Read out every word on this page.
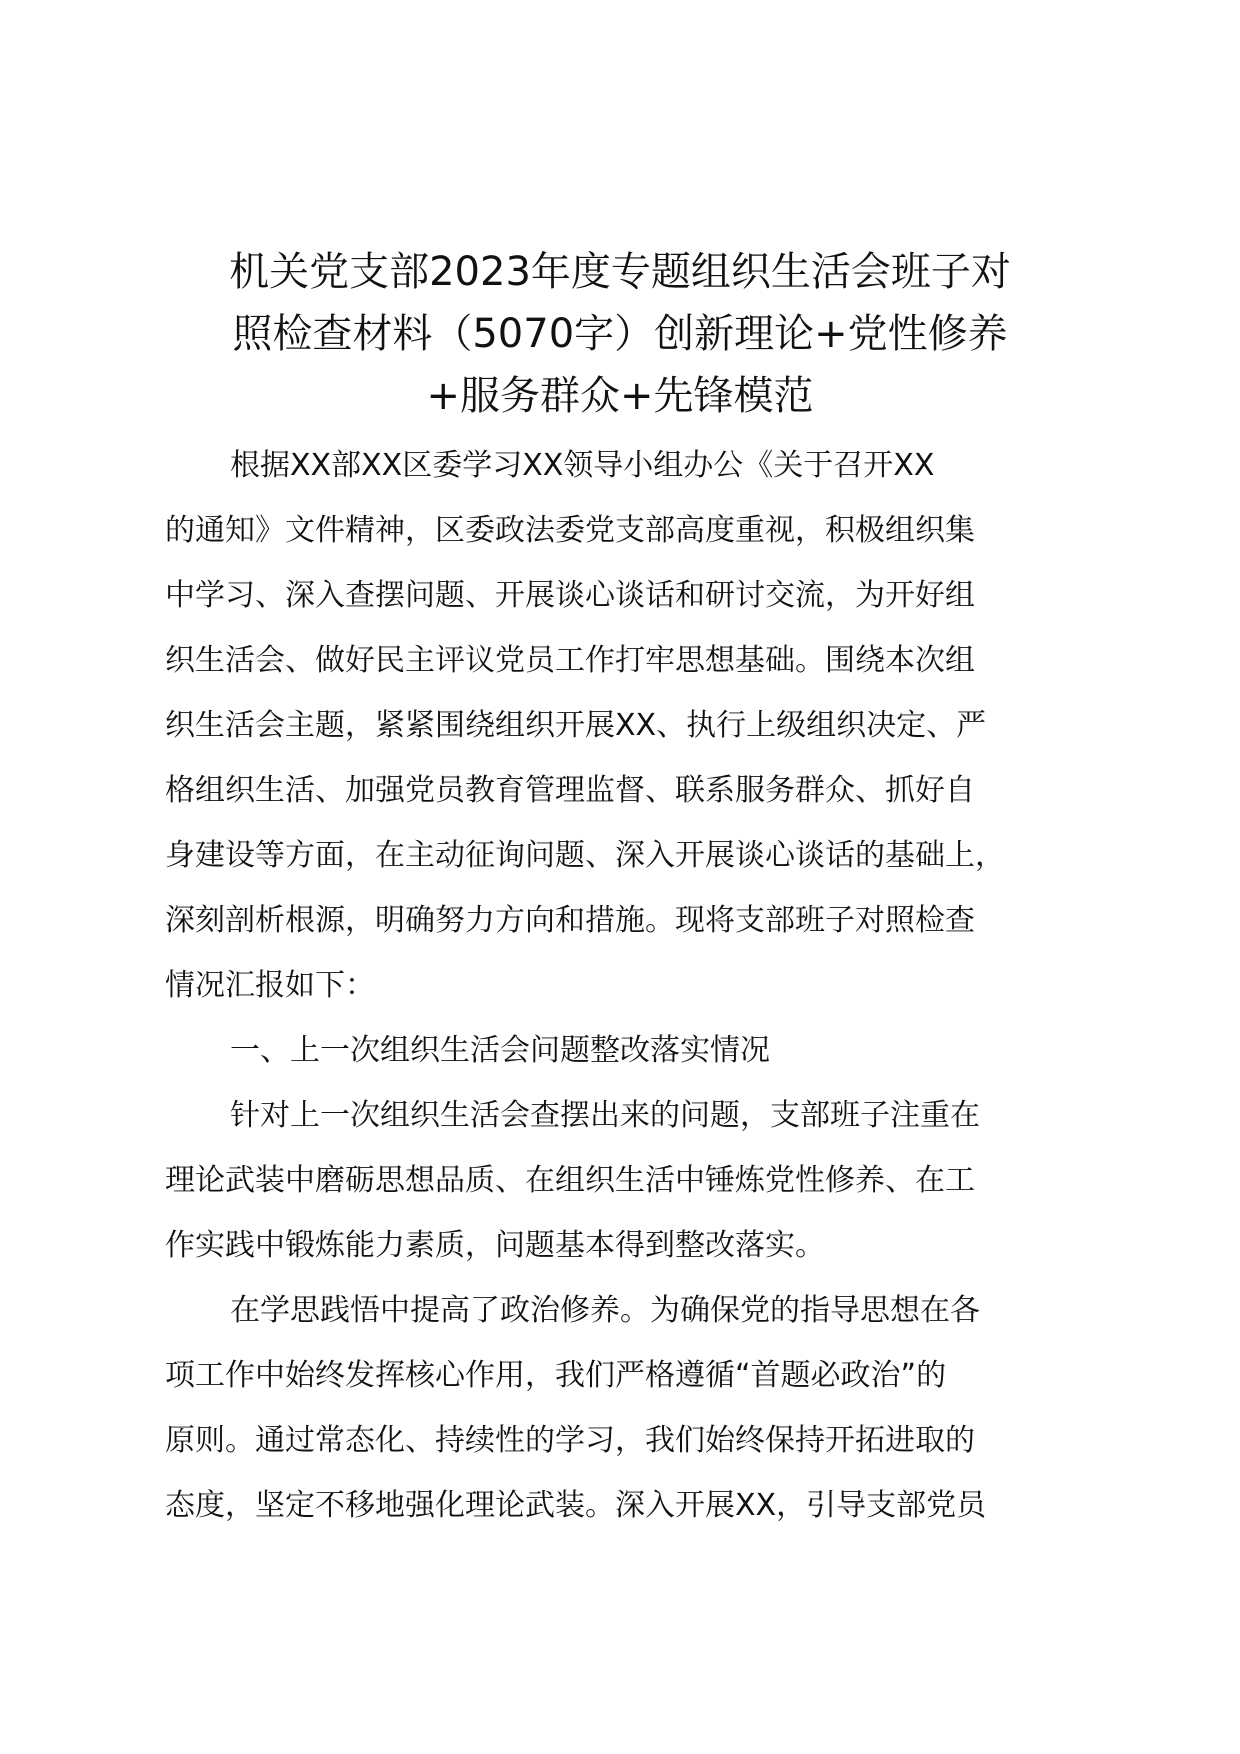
机关党支部2023年度专题组织生活会班子对
照检查材料（5070字）创新理论+党性修养
+服务群众+先锋模范

根据XX部XX区委学习XX领导小组办公《关于召开XX
的通知》文件精神，区委政法委党支部高度重视，积极组织集
中学习、深入查摆问题、开展谈心谈话和研讨交流，为开好组
织生活会、做好民主评议党员工作打牢思想基础。围绕本次组
织生活会主题，紧紧围绕组织开展XX、执行上级组织决定、严
格组织生活、加强党员教育管理监督、联系服务群众、抓好自
身建设等方面，在主动征询问题、深入开展谈心谈话的基础上，
深刻剖析根源，明确努力方向和措施。现将支部班子对照检查
情况汇报如下：

一、上一次组织生活会问题整改落实情况

针对上一次组织生活会查摆出来的问题，支部班子注重在
理论武装中磨砺思想品质、在组织生活中锤炼党性修养、在工
作实践中锻炼能力素质，问题基本得到整改落实。

在学思践悟中提高了政治修养。为确保党的指导思想在各
项工作中始终发挥核心作用，我们严格遵循“首题必政治”的
原则。通过常态化、持续性的学习，我们始终保持开拓进取的
态度，坚定不移地强化理论武装。深入开展XX，引导支部党员
